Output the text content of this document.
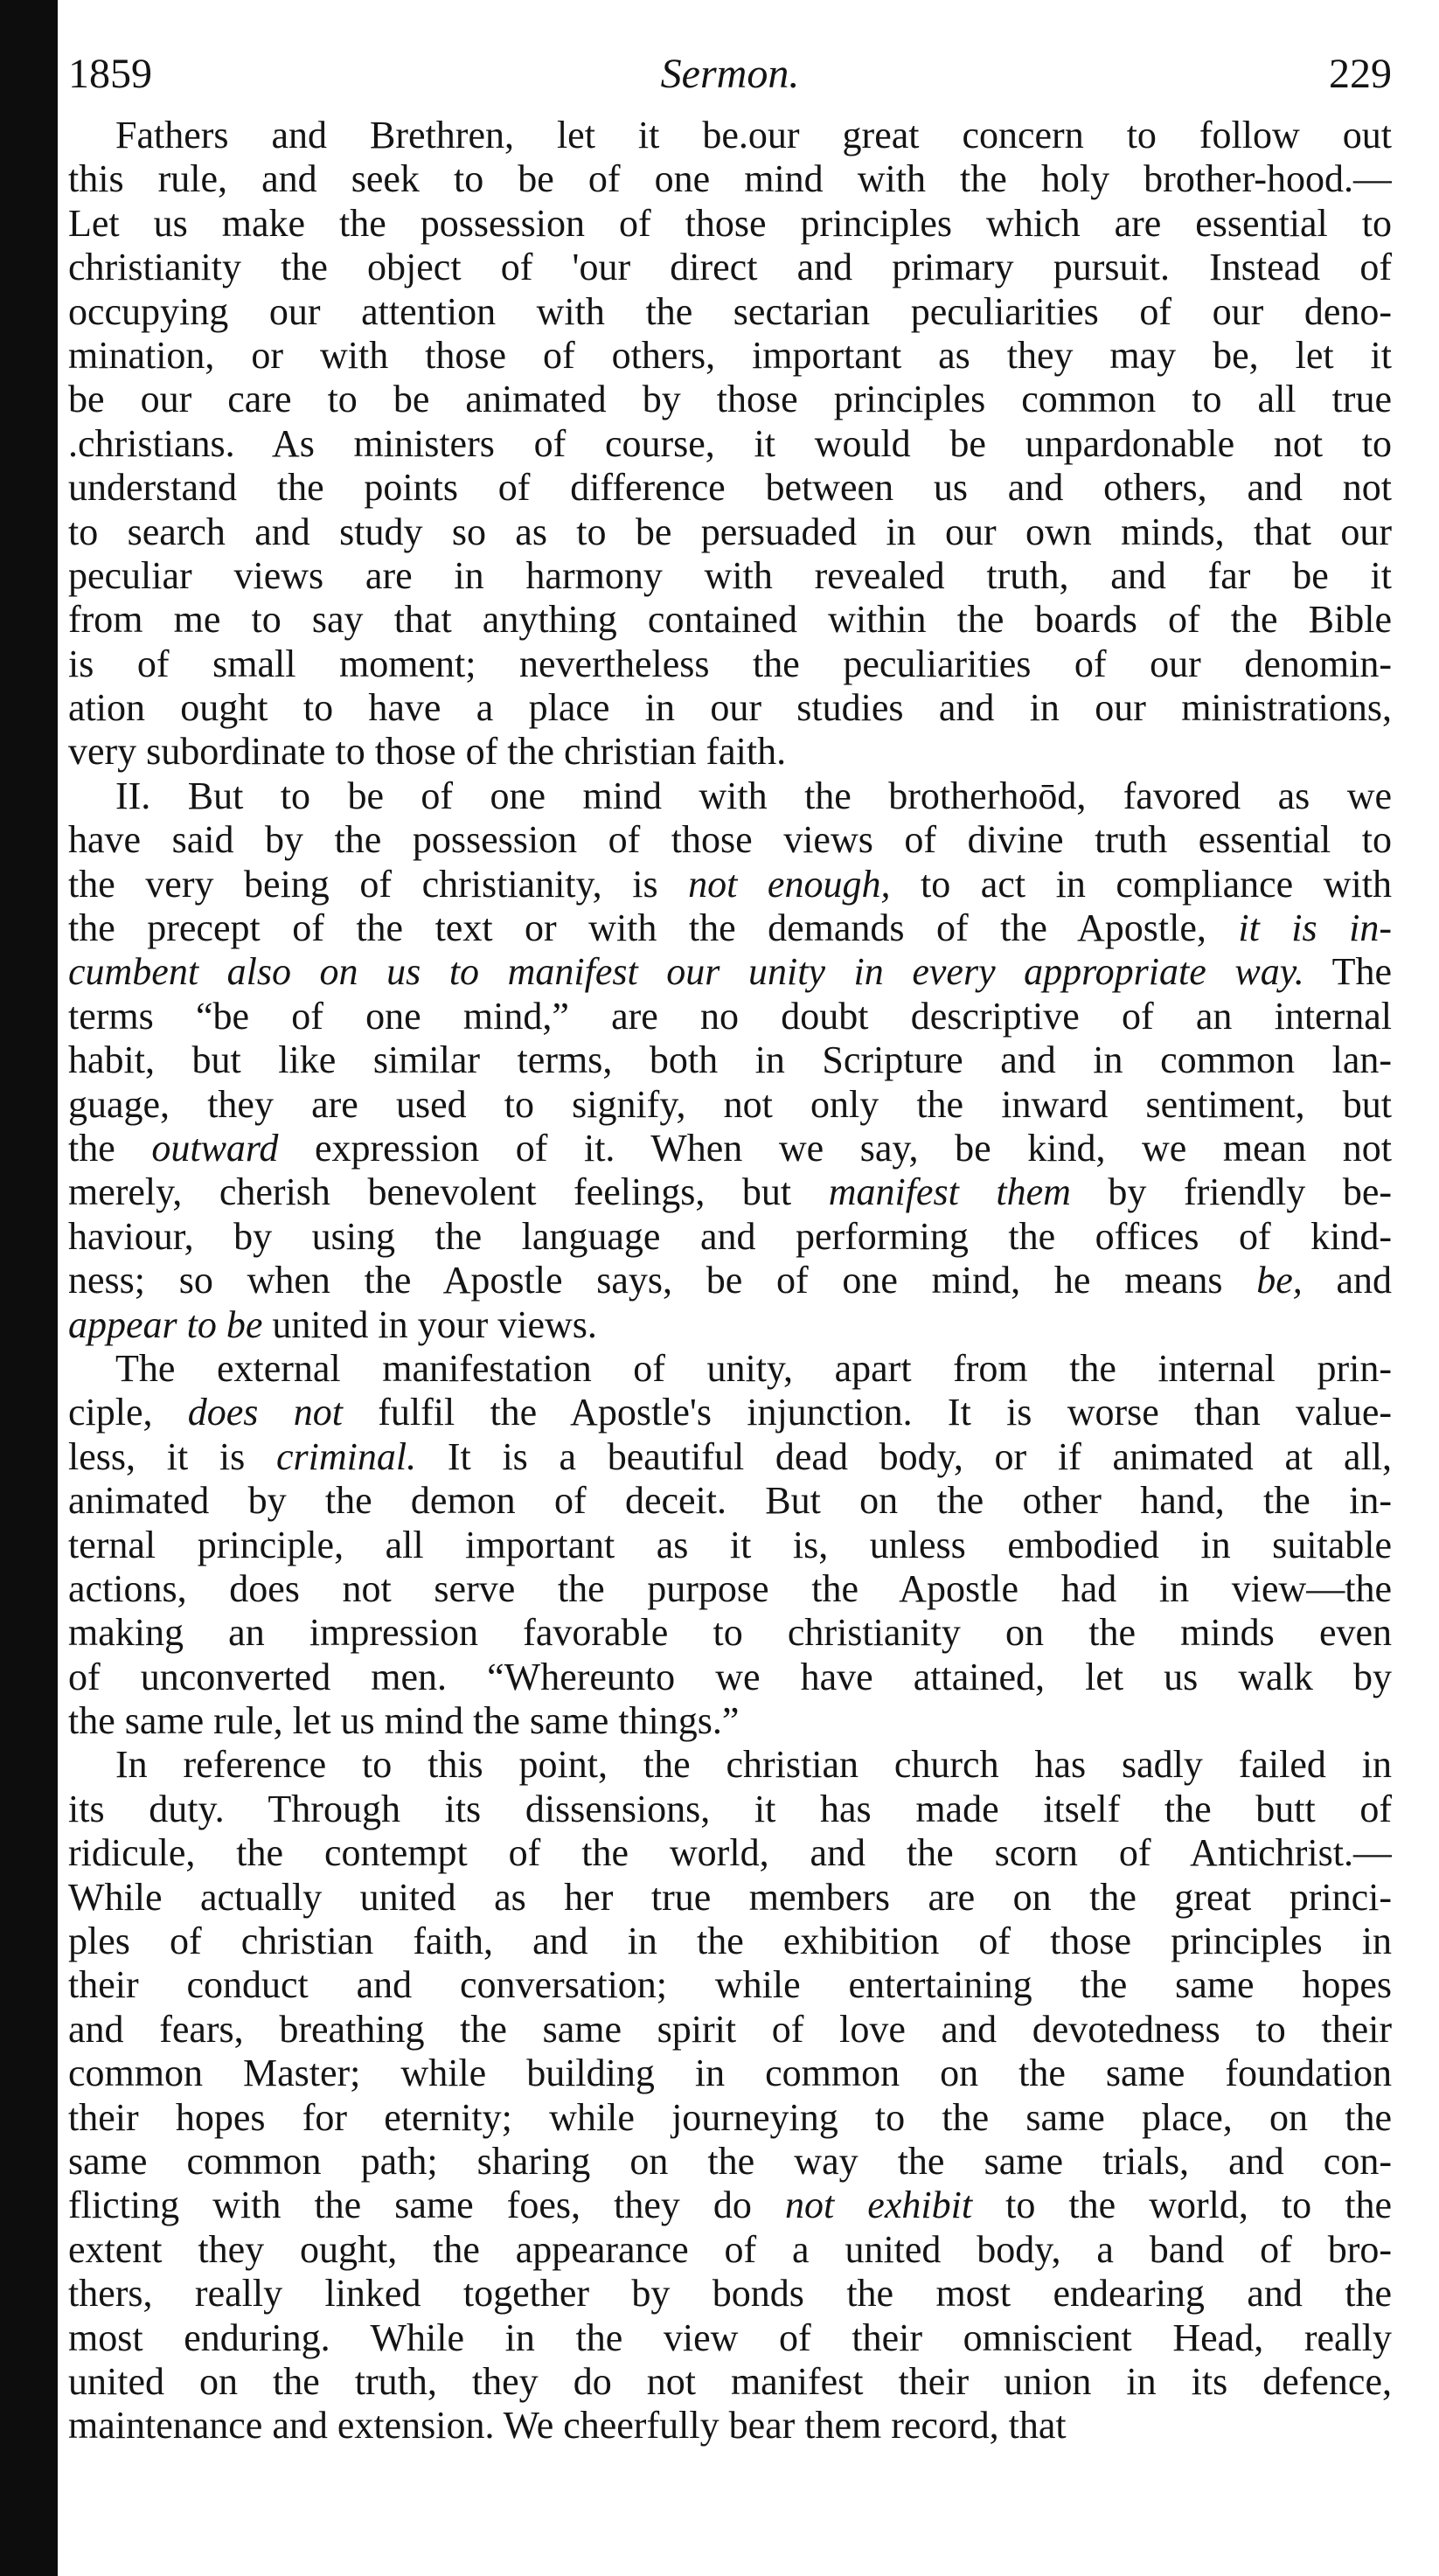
1859	Sermon.	229
Fathers and Brethren, let it be.our great concern to follow out
this rule, and seek to be of one mind with the holy brother-hood.—
Let us make the possession of those principles which are essential to
christianity the object of 'our direct and primary pursuit. Instead of
occupying our attention with the sectarian peculiarities of our deno-
mination, or with those of others, important as they may be, let it
be our care to be animated by those principles common to all true
.christians. As ministers of course, it would be unpardonable not to
understand the points of difference between us and others, and not
to search and study so as to be persuaded in our own minds, that our
peculiar views are in harmony with revealed truth, and far be it
from me to say that anything contained within the boards of the Bible
is of small moment; nevertheless the peculiarities of our denomin-
ation ought to have a place in our studies and in our ministrations,
very subordinate to those of the christian faith.
II. But to be of one mind with the brotherhoōd, favored as we
have said by the possession of those views of divine truth essential to
the very being of christianity, is not enough, to act in compliance with
the precept of the text or with the demands of the Apostle, it is in-
cumbent also on us to manifest our unity in every appropriate way. The
terms “be of one mind,” are no doubt descriptive of an internal
habit, but like similar terms, both in Scripture and in common lan-
guage, they are used to signify, not only the inward sentiment, but
the outward expression of it. When we say, be kind, we mean not
merely, cherish benevolent feelings, but manifest them by friendly be-
haviour, by using the language and performing the offices of kind-
ness; so when the Apostle says, be of one mind, he means be, and
appear to be united in your views.
The external manifestation of unity, apart from the internal prin-
ciple, does not fulfil the Apostle's injunction. It is worse than value-
less, it is criminal. It is a beautiful dead body, or if animated at all,
animated by the demon of deceit. But on the other hand, the in-
ternal principle, all important as it is, unless embodied in suitable
actions, does not serve the purpose the Apostle had in view—the
making an impression favorable to christianity on the minds even
of unconverted men. “Whereunto we have attained, let us walk by
the same rule, let us mind the same things.”
In reference to this point, the christian church has sadly failed in
its duty. Through its dissensions, it has made itself the butt of
ridicule, the contempt of the world, and the scorn of Antichrist.—
While actually united as her true members are on the great princi-
ples of christian faith, and in the exhibition of those principles in
their conduct and conversation; while entertaining the same hopes
and fears, breathing the same spirit of love and devotedness to their
common Master; while building in common on the same foundation
their hopes for eternity; while journeying to the same place, on the
same common path; sharing on the way the same trials, and con-
flicting with the same foes, they do not exhibit to the world, to the
extent they ought, the appearance of a united body, a band of bro-
thers, really linked together by bonds the most endearing and the
most enduring. While in the view of their omniscient Head, really
united on the truth, they do not manifest their union in its defence,
maintenance and extension. We cheerfully bear them record, that
